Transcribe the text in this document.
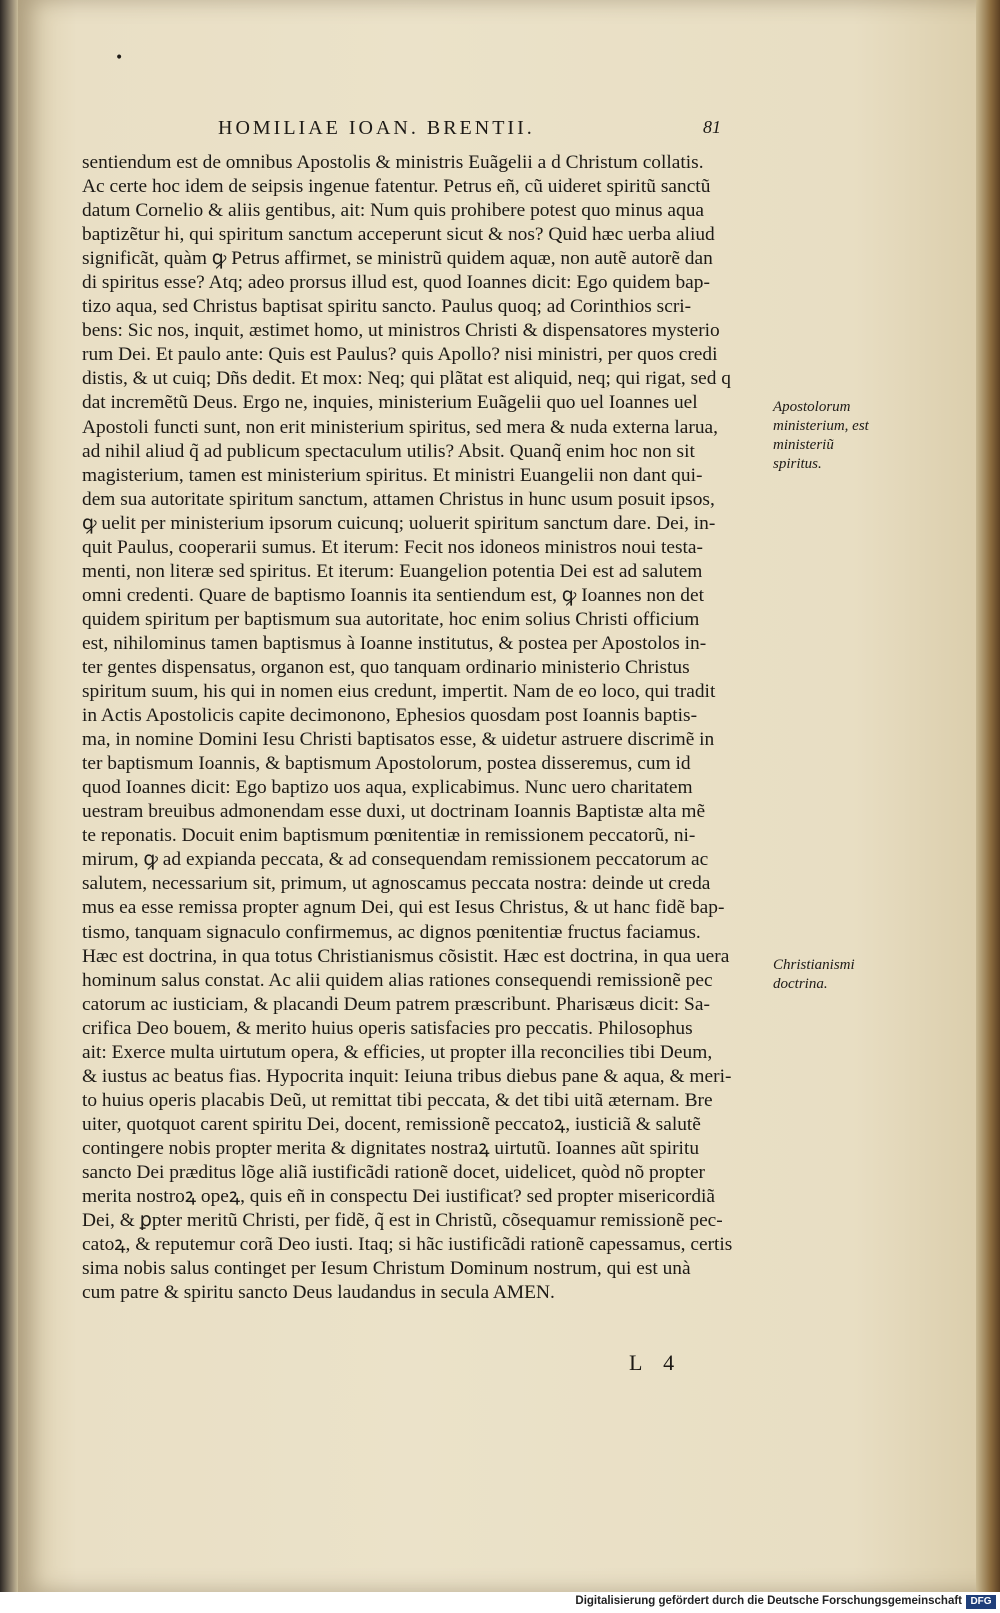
•
HOMILIAE IOAN. BRENTII.	81
sentiendum est de omnibus Apostolis & ministris Euãgelii a d Christum collatis.
Ac certe hoc idem de seipsis ingenue fatentur. Petrus eñ, cũ uideret spiritũ sanctũ
datum Cornelio & aliis gentibus, ait: Num quis prohibere potest quo minus aqua
baptizẽtur hi, qui spiritum sanctum acceperunt sicut & nos? Quid hæc uerba aliud
significãt, quàm ꝙ Petrus affirmet, se ministrũ quidem aquæ, non autẽ autorẽ dan
di spiritus esse? Atq; adeo prorsus illud est, quod Ioannes dicit: Ego quidem bap-
tizo aqua, sed Christus baptisat spiritu sancto. Paulus quoq; ad Corinthios scri-
bens: Sic nos, inquit, æstimet homo, ut ministros Christi & dispensatores mysterio
rum Dei. Et paulo ante: Quis est Paulus? quis Apollo? nisi ministri, per quos credi
distis, & ut cuiq; Dñs dedit. Et mox: Neq; qui plãtat est aliquid, neq; qui rigat, sed q
dat incremẽtũ Deus. Ergo ne, inquies, ministerium Euãgelii quo uel Ioannes uel
Apostoli functi sunt, non erit ministerium spiritus, sed mera & nuda externa larua,
ad nihil aliud q̃ ad publicum spectaculum utilis? Absit. Quanq̃ enim hoc non sit
magisterium, tamen est ministerium spiritus. Et ministri Euangelii non dant qui-
dem sua autoritate spiritum sanctum, attamen Christus in hunc usum posuit ipsos,
ꝙ uelit per ministerium ipsorum cuicunq; uoluerit spiritum sanctum dare. Dei, in-
quit Paulus, cooperarii sumus. Et iterum: Fecit nos idoneos ministros noui testa-
menti, non literæ sed spiritus. Et iterum: Euangelion potentia Dei est ad salutem
omni credenti. Quare de baptismo Ioannis ita sentiendum est, ꝙ Ioannes non det
quidem spiritum per baptismum sua autoritate, hoc enim solius Christi officium
est, nihilominus tamen baptismus à Ioanne institutus, & postea per Apostolos in-
ter gentes dispensatus, organon est, quo tanquam ordinario ministerio Christus
spiritum suum, his qui in nomen eius credunt, impertit. Nam de eo loco, qui tradit
in Actis Apostolicis capite decimonono, Ephesios quosdam post Ioannis baptis-
ma, in nomine Domini Iesu Christi baptisatos esse, & uidetur astruere discrimẽ in
ter baptismum Ioannis, & baptismum Apostolorum, postea disseremus, cum id
quod Ioannes dicit: Ego baptizo uos aqua, explicabimus. Nunc uero charitatem
uestram breuibus admonendam esse duxi, ut doctrinam Ioannis Baptistæ alta mẽ
te reponatis. Docuit enim baptismum pœnitentiæ in remissionem peccatorũ, ni-
mirum, ꝙ ad expianda peccata, & ad consequendam remissionem peccatorum ac
salutem, necessarium sit, primum, ut agnoscamus peccata nostra: deinde ut creda
mus ea esse remissa propter agnum Dei, qui est Iesus Christus, & ut hanc fidẽ bap-
tismo, tanquam signaculo confirmemus, ac dignos pœnitentiæ fructus faciamus.
Hæc est doctrina, in qua totus Christianismus cõsistit. Hæc est doctrina, in qua uera
hominum salus constat. Ac alii quidem alias rationes consequendi remissionẽ pec
catorum ac iusticiam, & placandi Deum patrem præscribunt. Pharisæus dicit: Sa-
crifica Deo bouem, & merito huius operis satisfacies pro peccatis. Philosophus
ait: Exerce multa uirtutum opera, & efficies, ut propter illa reconcilies tibi Deum,
& iustus ac beatus fias. Hypocrita inquit: Ieiuna tribus diebus pane & aqua, & meri-
to huius operis placabis Deũ, ut remittat tibi peccata, & det tibi uitã æternam. Bre
uiter, quotquot carent spiritu Dei, docent, remissionẽ peccatoꝝ, iusticiã & salutẽ
contingere nobis propter merita & dignitates nostraꝝ uirtutũ. Ioannes aũt spiritu
sancto Dei præditus lõge aliã iustificãdi rationẽ docet, uidelicet, quòd nõ propter
merita nostroꝝ opeꝝ, quis eñ in conspectu Dei iustificat? sed propter misericordiã
Dei, & ꝑpter meritũ Christi, per fidẽ, q̃ est in Christũ, cõsequamur remissionẽ pec-
catoꝝ, & reputemur corã Deo iusti. Itaq; si hãc iustificãdi rationẽ capessamus, certis
sima nobis salus continget per Iesum Christum Dominum nostrum, qui est unà
cum patre & spiritu sancto Deus laudandus in secula AMEN.
Apostolorum ministerium, est ministeriũ spiritus.
Christianismi doctrina.
L 4
Digitalisierung gefördert durch die Deutsche Forschungsgemeinschaft DFG
